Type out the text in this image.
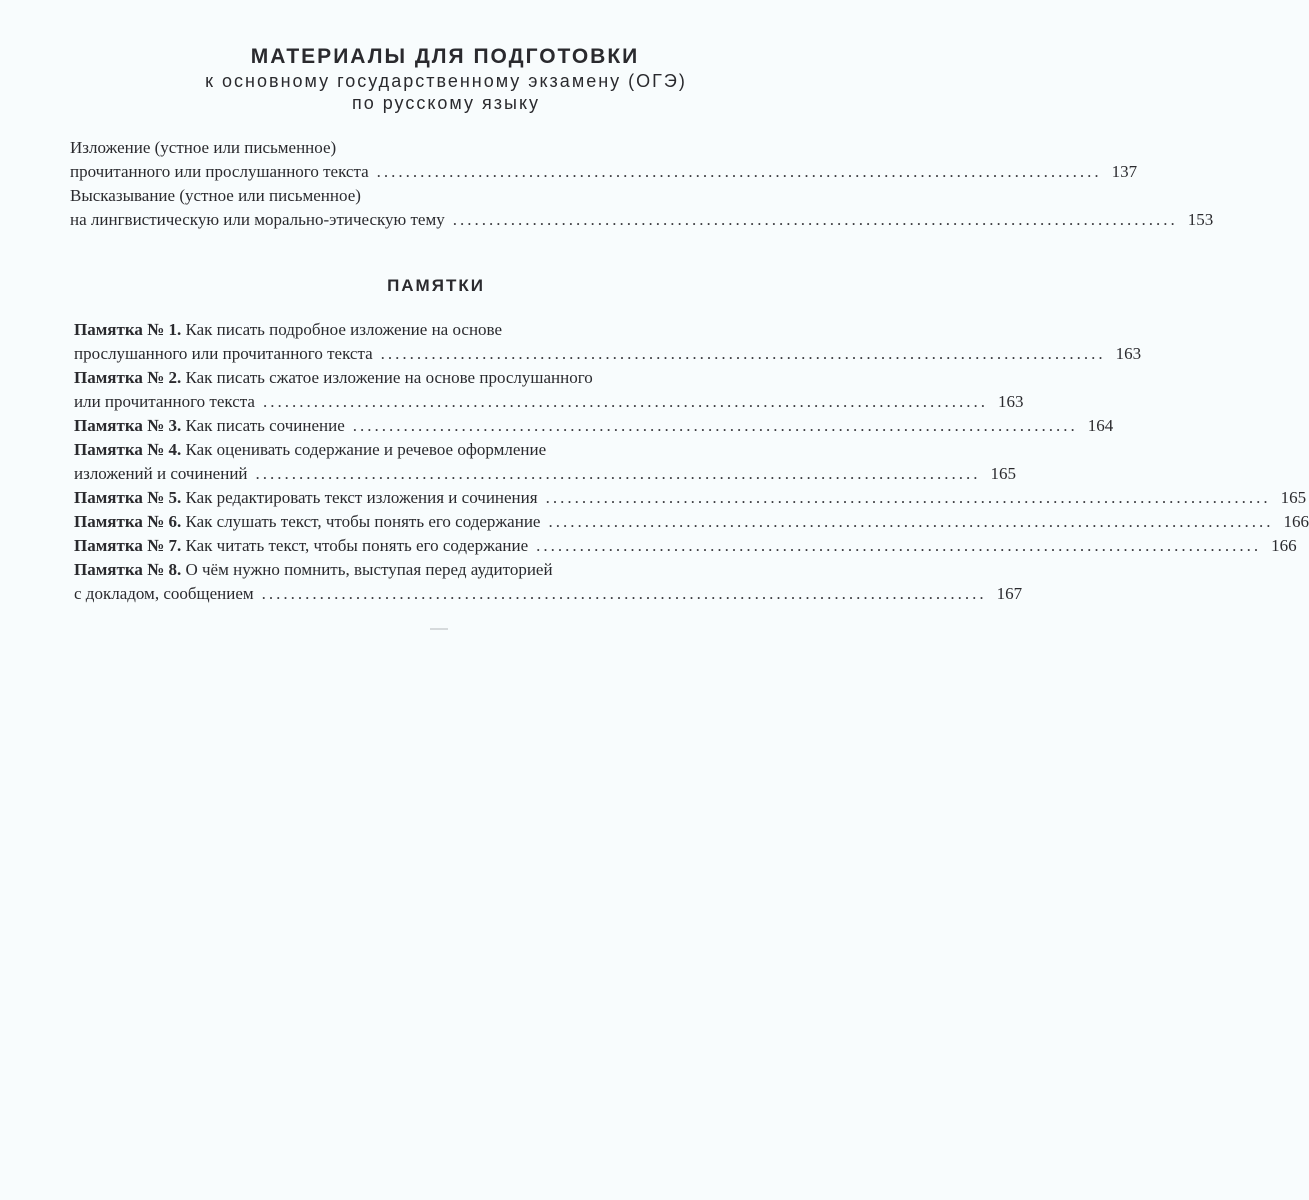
МАТЕРИАЛЫ ДЛЯ ПОДГОТОВКИ
к основному государственному экзамену (ОГЭ)
по русскому языку
Изложение (устное или письменное)
прочитанного или прослушанного текста .................................................................................................... 137
Высказывание (устное или письменное)
на лингвистическую или морально-этическую тему .................................................................................................... 153
ПАМЯТКИ
Памятка № 1.
Как писать подробное изложение на основе
прослушанного или прочитанного текста .................................................................................................... 163
Памятка № 2.
Как писать сжатое изложение на основе прослушанного
или прочитанного текста .................................................................................................... 163
Памятка № 3.
Как писать сочинение .................................................................................................... 164
Памятка № 4.
Как оценивать содержание и речевое оформление
изложений и сочинений .................................................................................................... 165
Памятка № 5.
Как редактировать текст изложения и сочинения .................................................................................................... 165
Памятка № 6.
Как слушать текст, чтобы понять его содержание .................................................................................................... 166
Памятка № 7.
Как читать текст, чтобы понять его содержание .................................................................................................... 166
Памятка № 8.
О чём нужно помнить, выступая перед аудиторией
с докладом, сообщением .................................................................................................... 167
